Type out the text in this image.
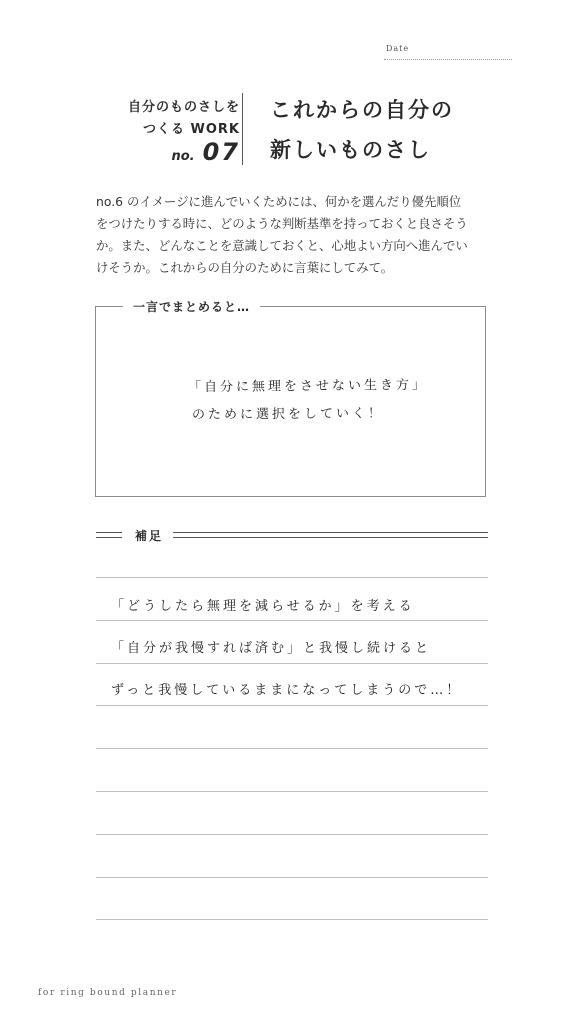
Date
自分のものさしを
つくる WORK
no. 07
これからの自分の
新しいものさし
no.6 のイメージに進んでいくためには、何かを選んだり優先順位
をつけたりする時に、どのような判断基準を持っておくと良さそう
か。また、どんなことを意識しておくと、心地よい方向へ進んでい
けそうか。これからの自分のために言葉にしてみて。
一言でまとめると…
「自分に無理をさせない生き方」
のために選択をしていく！
補足
「どうしたら無理を減らせるか」を考える
「自分が我慢すれば済む」と我慢し続けると
ずっと我慢しているままになってしまうので…！
for ring bound planner
